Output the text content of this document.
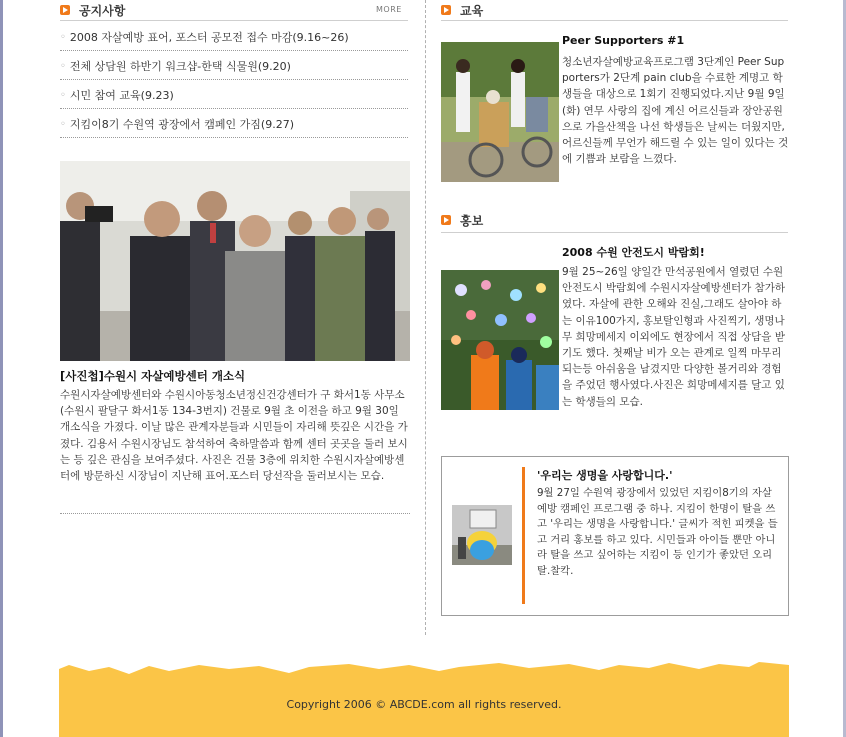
공지사항	MORE
◦ 2008 자살예방 표어, 포스터 공모전 접수 마감(9.16~26)
◦ 전체 상담원 하반기 워크샵-한택 식물원(9.20)
◦ 시민 참여 교육(9.23)
◦ 지킴이8기 수원역 광장에서 캠페인 가짐(9.27)
[사진첩]수원시 자살예방센터 개소식
수원시자살예방센터와 수원시아동청소년정신건강센터가 구 화서1동 사무소(수원시 팔달구 화서1동 134-3번지) 건물로 9월 초 이전을 하고 9월 30일 개소식을 가졌다. 이날 많은 관계자분들과 시민들이 자리해 뜻깊은 시간을 가졌다. 김용서 수원시장님도 참석하여 축하말씀과 함께 센터 곳곳을 둘러 보시는 등 깊은 관심을 보여주셨다. 사진은 건물 3층에 위치한 수원시자살예방센터에 방문하신 시장님이 지난해 표어.포스터 당선작을 둘러보시는 모습.
교육
Peer Supporters #1
청소년자살예방교육프로그램 3단계인 Peer Supporters가 2단계 pain club을 수료한 계명고 학생들을 대상으로 1회기 진행되었다.지난 9월 9일(화) 연무 사랑의 집에 계신 어르신들과 장안공원으로 가을산책을 나선 학생들은 날씨는 더웠지만,어르신들께 무언가 해드릴 수 있는 일이 있다는 것에 기쁨과 보람을 느꼈다.
홍보
2008 수원 안전도시 박람회!
9월 25~26일 양일간 만석공원에서 열렸던 수원 안전도시 박람회에 수원시자살예방센터가 참가하였다. 자살에 관한 오해와 진실,그래도 살아야 하는 이유100가지, 홍보탈인형과 사진찍기, 생명나무 희망메세지 이외에도 현장에서 직접 상담을 받기도 했다. 첫째날 비가 오는 관계로 일찍 마무리되는등 아쉬움을 남겼지만 다양한 볼거리와 경험을 주었던 행사였다.사진은 희망메세지를 달고 있는 학생들의 모습.
'우리는 생명을 사랑합니다.'
9월 27일 수원역 광장에서 있었던 지킴이8기의 자살예방 캠페인 프로그램 중 하나. 지킴이 한명이 탈을 쓰고 '우리는 생명을 사랑합니다.' 글씨가 적힌 피켓을 들고 거리 홍보를 하고 있다. 시민들과 아이들 뿐만 아니라 탈을 쓰고 싶어하는 지킴이 등 인기가 좋았던 오리탈.찰칵.
Copyright 2006 © ABCDE.com all rights reserved.
